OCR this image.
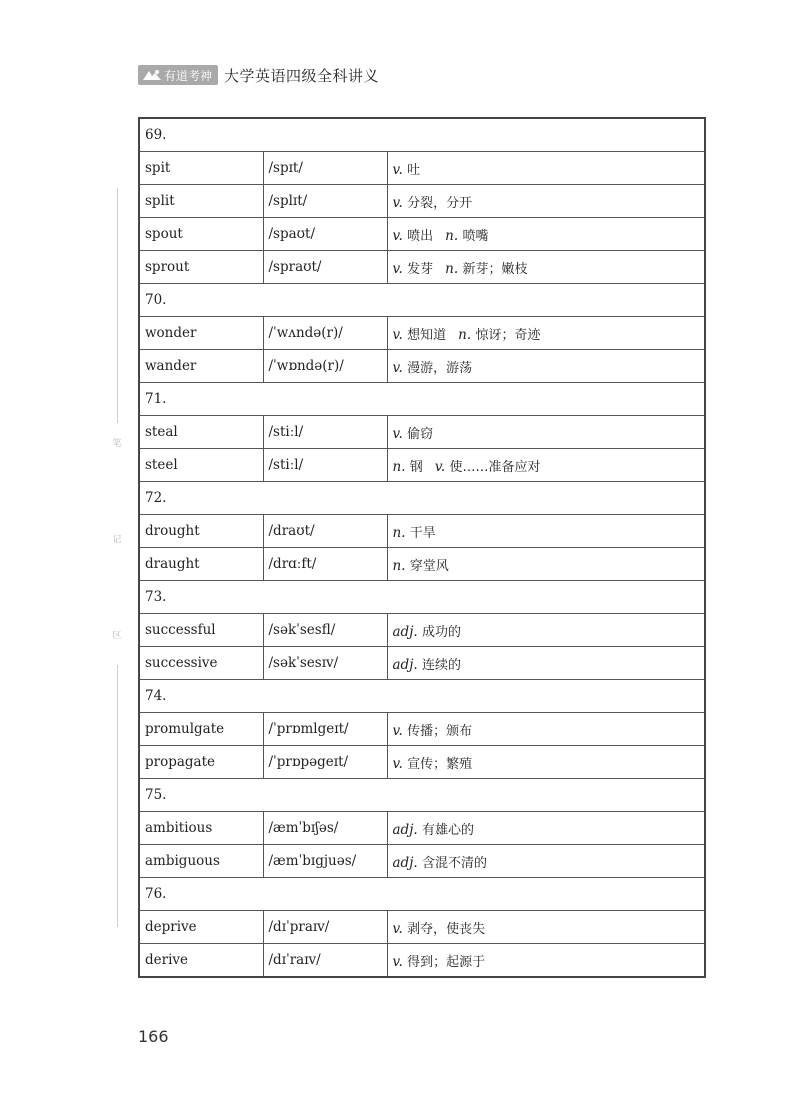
有道考神 大学英语四级全科讲义
笔
记
区
69.		
spit	/spɪt/	v. 吐
split	/splɪt/	v. 分裂，分开
spout	/spaʊt/	v. 喷出 n. 喷嘴
sprout	/spraʊt/	v. 发芽 n. 新芽；嫩枝
70.		
wonder	/ˈwʌndə(r)/	v. 想知道 n. 惊讶；奇迹
wander	/ˈwɒndə(r)/	v. 漫游，游荡
71.		
steal	/stiːl/	v. 偷窃
steel	/stiːl/	n. 钢 v. 使……准备应对
72.		
drought	/draʊt/	n. 干旱
draught	/drɑːft/	n. 穿堂风
73.		
successful	/səkˈsesfl/	adj. 成功的
successive	/səkˈsesɪv/	adj. 连续的
74.		
promulgate	/ˈprɒmlgeɪt/	v. 传播；颁布
propagate	/ˈprɒpəgeɪt/	v. 宣传；繁殖
75.		
ambitious	/æmˈbɪʃəs/	adj. 有雄心的
ambiguous	/æmˈbɪgjuəs/	adj. 含混不清的
76.		
deprive	/dɪˈpraɪv/	v. 剥夺，使丧失
derive	/dɪˈraɪv/	v. 得到；起源于
166
